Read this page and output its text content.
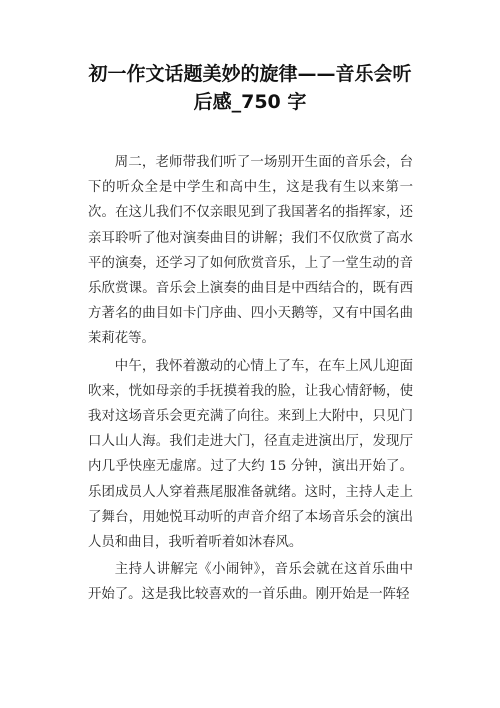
初一作文话题美妙的旋律——音乐会听
后感_750 字

周二，老师带我们听了一场别开生面的音乐会，台下的听众全是中学生和高中生，这是我有生以来第一次。在这儿我们不仅亲眼见到了我国著名的指挥家，还亲耳聆听了他对演奏曲目的讲解；我们不仅欣赏了高水平的演奏，还学习了如何欣赏音乐，上了一堂生动的音乐欣赏课。音乐会上演奏的曲目是中西结合的，既有西方著名的曲目如卡门序曲、四小天鹅等，又有中国名曲茉莉花等。

中午，我怀着激动的心情上了车，在车上风儿迎面吹来，恍如母亲的手抚摸着我的脸，让我心情舒畅，使我对这场音乐会更充满了向往。来到上大附中，只见门口人山人海。我们走进大门，径直走进演出厅，发现厅内几乎快座无虚席。过了大约 15 分钟，演出开始了。乐团成员人人穿着燕尾服准备就绪。这时，主持人走上了舞台，用她悦耳动听的声音介绍了本场音乐会的演出人员和曲目，我听着听着如沐春风。

主持人讲解完《小闹钟》，音乐会就在这首乐曲中开始了。这是我比较喜欢的一首乐曲。刚开始是一阵轻
